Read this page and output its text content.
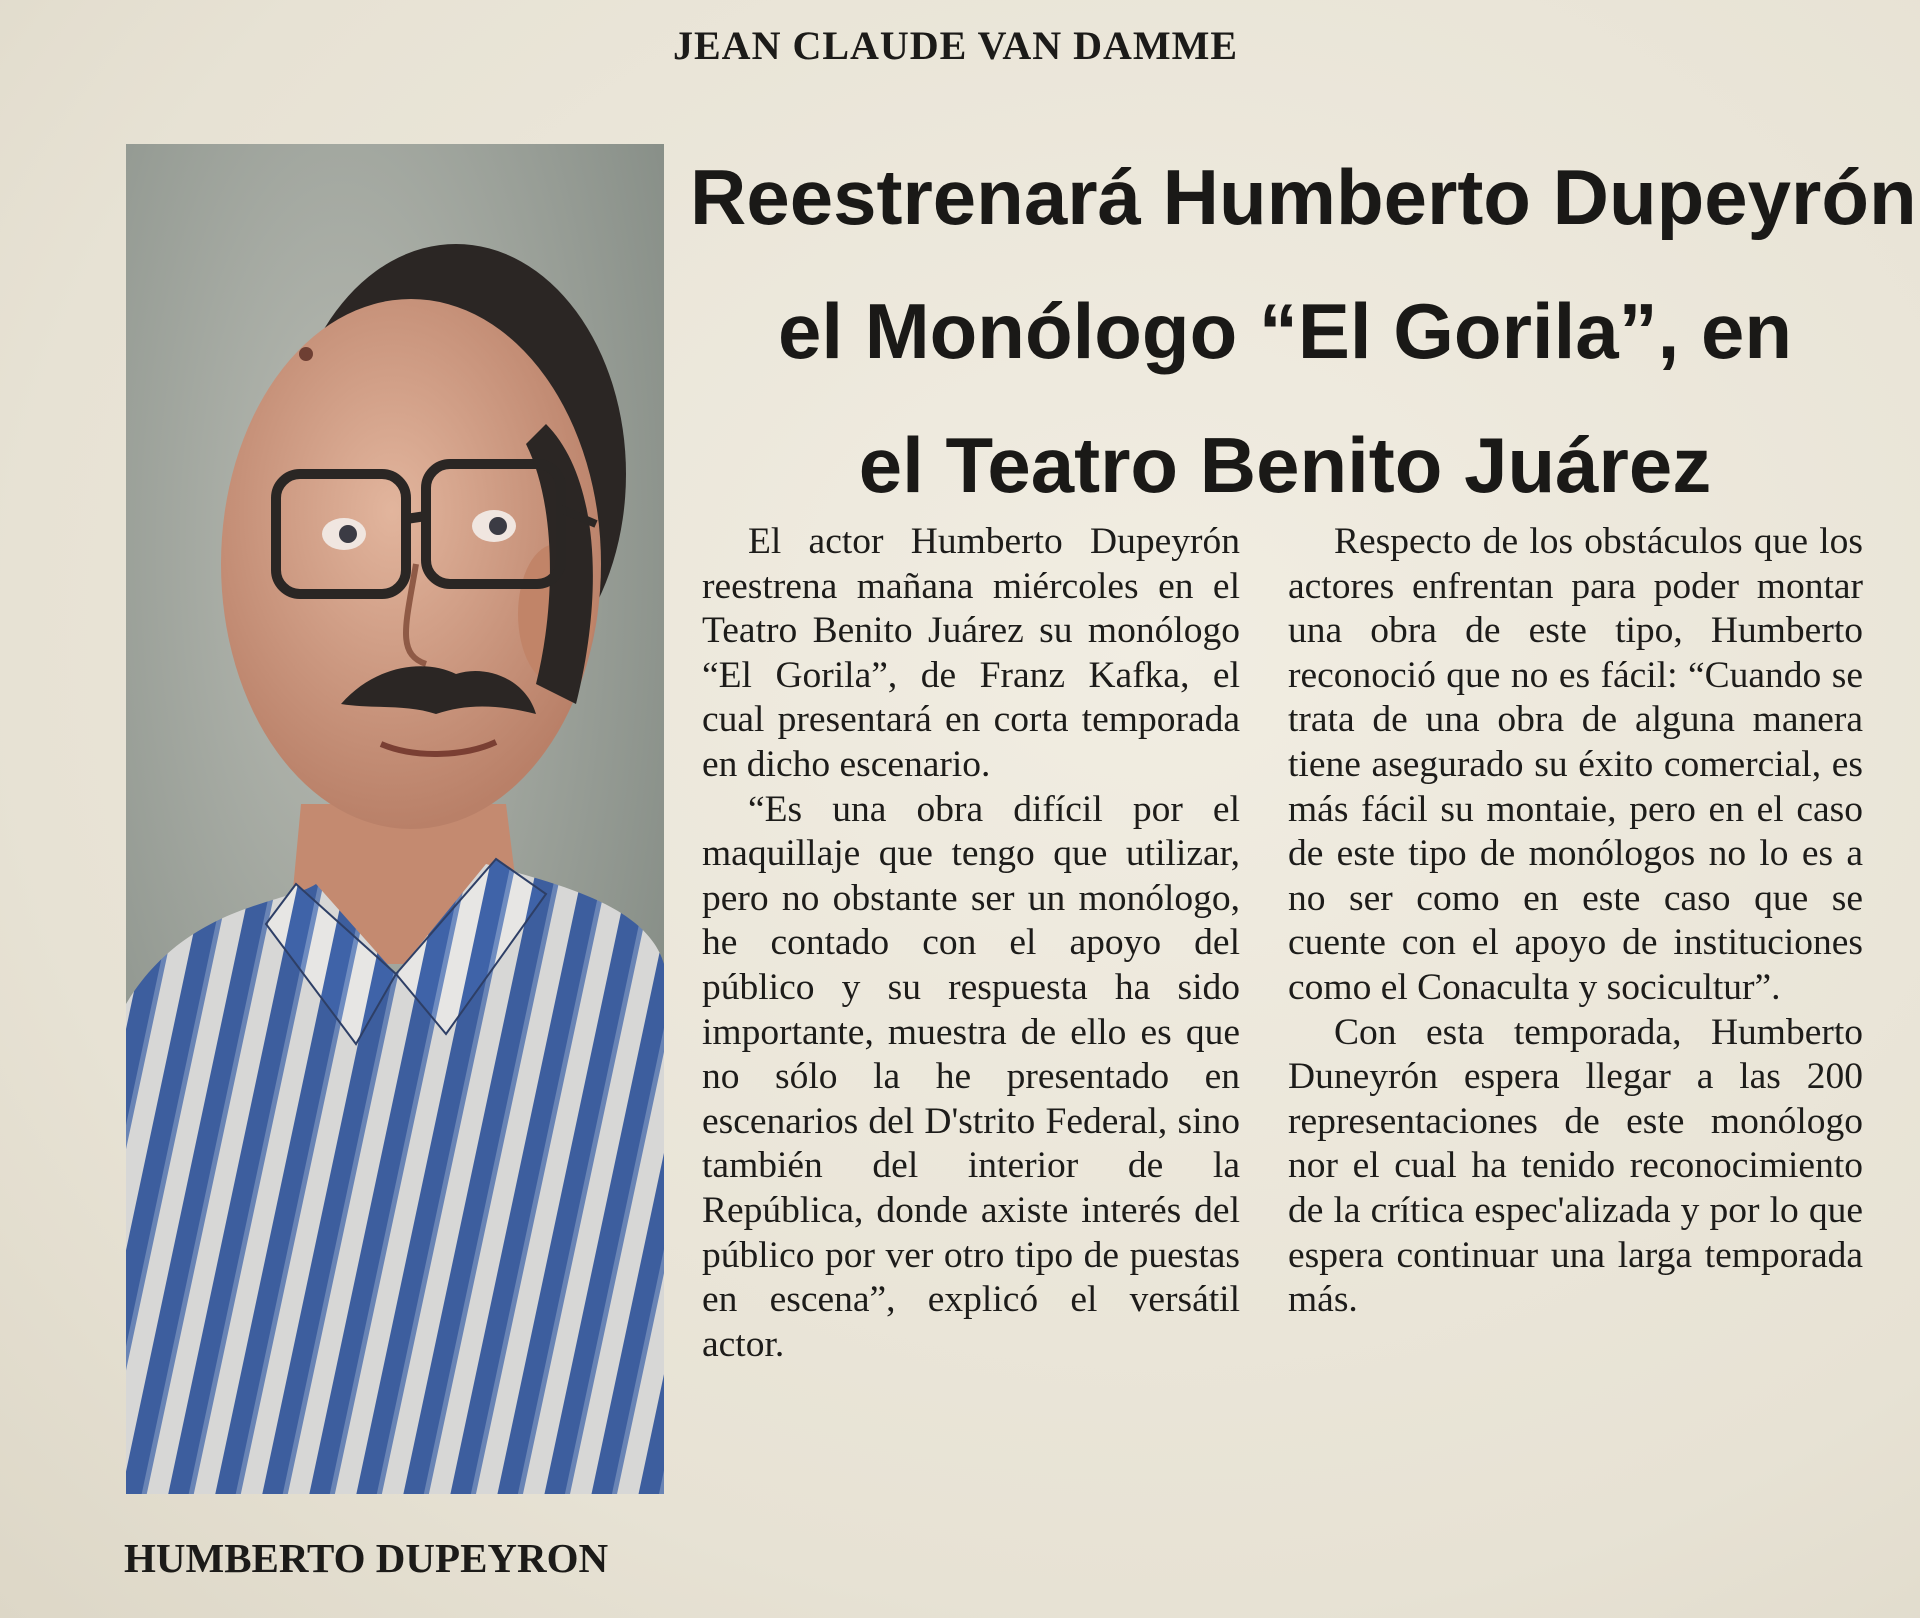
JEAN CLAUDE VAN DAMME
HUMBERTO DUPEYRON
Reestrenará Humberto Dupeyrón
el Monólogo “El Gorila”, en
el Teatro Benito Juárez

El actor Humberto Dupeyrón reestrena mañana miércoles en el Teatro Benito Juárez su monólogo “El Gorila”, de Franz Kafka, el cual presentará en corta temporada en dicho escenario.

“Es una obra difícil por el maquillaje que tengo que utilizar, pero no obstante ser un monólogo, he contado con el apoyo del público y su respuesta ha sido importante, muestra de ello es que no sólo la he presentado en escenarios del D'strito Federal, sino también del interior de la República, donde axiste interés del público por ver otro tipo de puestas en escena”, explicó el versátil actor.

Respecto de los obstáculos que los actores enfrentan para poder montar una obra de este tipo, Humberto reconoció que no es fácil: “Cuando se trata de una obra de alguna manera tiene asegurado su éxito comercial, es más fácil su montaie, pero en el caso de este tipo de monólogos no lo es a no ser como en este caso que se cuente con el apoyo de instituciones como el Conaculta y socicultur”.

Con esta temporada, Humberto Duneyrón espera llegar a las 200 representaciones de este monólogo nor el cual ha tenido reconocimiento de la crítica espec'alizada y por lo que espera continuar una larga temporada más.
